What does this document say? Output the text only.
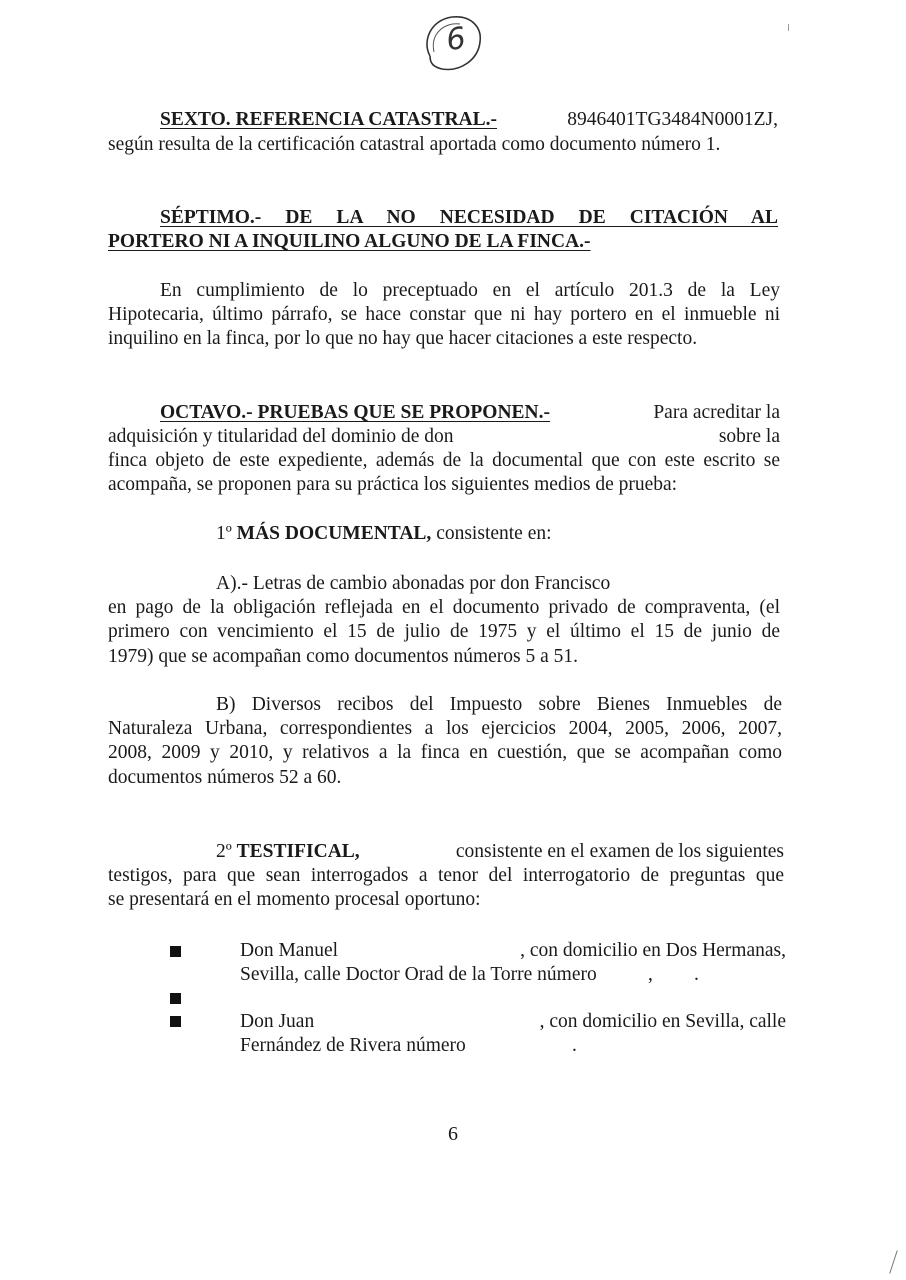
6
SEXTO. REFERENCIA CATASTRAL.-	8946401TG3484N0001ZJ,
según resulta de la certificación catastral aportada como documento número 1.
SÉPTIMO.- DE LA NO NECESIDAD DE CITACIÓN AL
PORTERO NI A INQUILINO ALGUNO DE LA FINCA.-
En cumplimiento de lo preceptuado en el artículo 201.3 de la Ley
Hipotecaria, último párrafo, se hace constar que ni hay portero en el inmueble ni
inquilino en la finca, por lo que no hay que hacer citaciones a este respecto.
OCTAVO.- PRUEBAS QUE SE PROPONEN.-	Para acreditar la
adquisición y titularidad del dominio de don	sobre la
finca objeto de este expediente, además de la documental que con este escrito se
acompaña, se proponen para su práctica los siguientes medios de prueba:
1º MÁS DOCUMENTAL, consistente en:
A).- Letras de cambio abonadas por don Francisco
en pago de la obligación reflejada en el documento privado de compraventa, (el
primero con vencimiento el 15 de julio de 1975 y el último el 15 de junio de
1979) que se acompañan como documentos números 5 a 51.
B) Diversos recibos del Impuesto sobre Bienes Inmuebles de
Naturaleza Urbana, correspondientes a los ejercicios 2004, 2005, 2006, 2007,
2008, 2009 y 2010, y relativos a la finca en cuestión, que se acompañan como
documentos números 52 a 60.
2º TESTIFICAL,	consistente en el examen de los siguientes
testigos, para que sean interrogados a tenor del interrogatorio de preguntas que
se presentará en el momento procesal oportuno:
Don Manuel	, con domicilio en Dos Hermanas,
Sevilla, calle Doctor Orad de la Torre número	, .
Don Juan	, con domicilio en Sevilla, calle
Fernández de Rivera número	.
6
